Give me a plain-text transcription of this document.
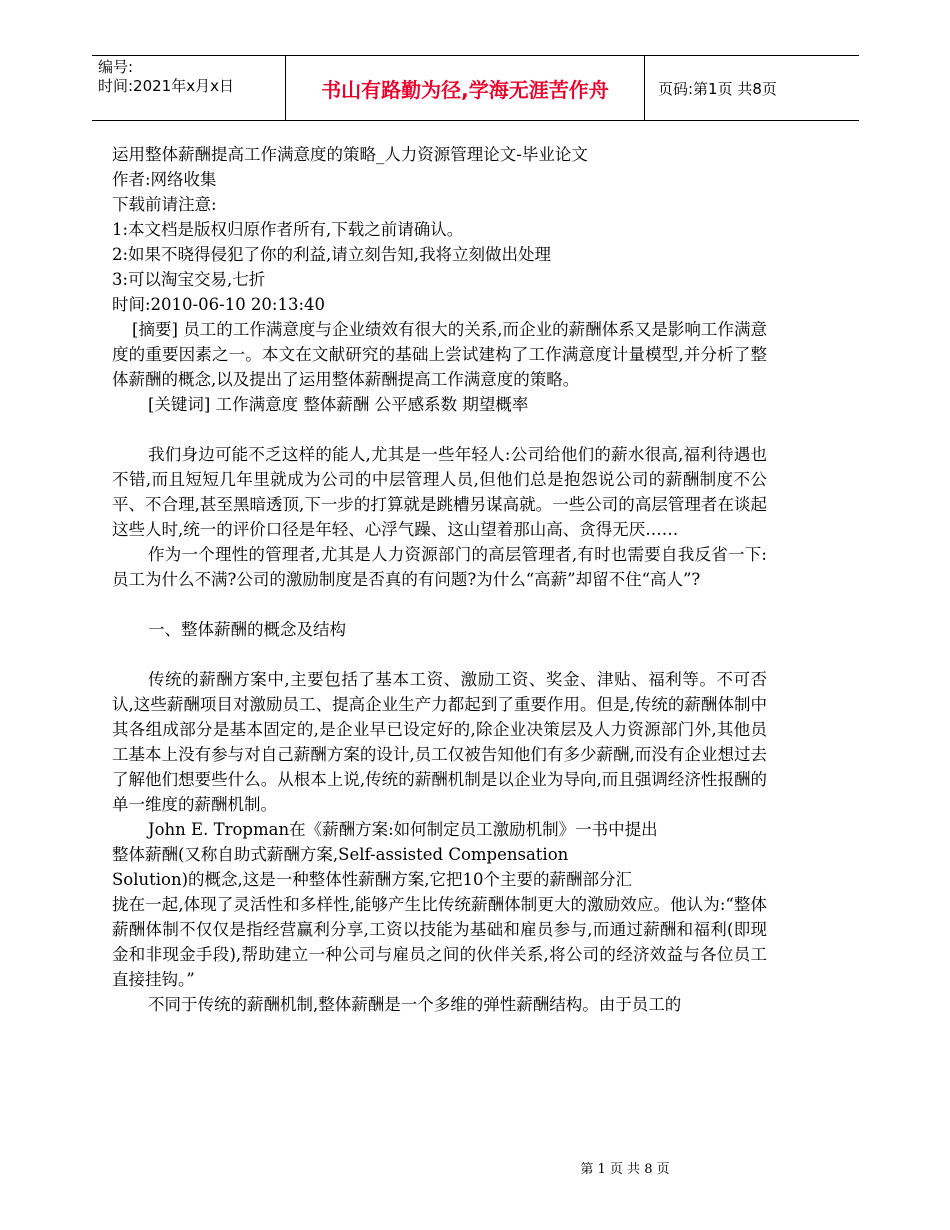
编号:
时间:2021年x月x日	书山有路勤为径,学海无涯苦作舟	页码:第1页 共8页
运用整体薪酬提高工作满意度的策略_人力资源管理论文-毕业论文
作者:网络收集
下载前请注意:
1:本文档是版权归原作者所有,下载之前请确认。
2:如果不晓得侵犯了你的利益,请立刻告知,我将立刻做出处理
3:可以淘宝交易,七折
时间:2010-06-10 20:13:40
[摘要] 员工的工作满意度与企业绩效有很大的关系,而企业的薪酬体系又是影响工作满意度的重要因素之一。本文在文献研究的基础上尝试建构了工作满意度计量模型,并分析了整体薪酬的概念,以及提出了运用整体薪酬提高工作满意度的策略。
[关键词] 工作满意度 整体薪酬 公平感系数 期望概率
我们身边可能不乏这样的能人,尤其是一些年轻人:公司给他们的薪水很高,福利待遇也不错,而且短短几年里就成为公司的中层管理人员,但他们总是抱怨说公司的薪酬制度不公平、不合理,甚至黑暗透顶,下一步的打算就是跳槽另谋高就。一些公司的高层管理者在谈起这些人时,统一的评价口径是年轻、心浮气躁、这山望着那山高、贪得无厌……
作为一个理性的管理者,尤其是人力资源部门的高层管理者,有时也需要自我反省一下:员工为什么不满?公司的激励制度是否真的有问题?为什么“高薪”却留不住“高人”?
一、整体薪酬的概念及结构
传统的薪酬方案中,主要包括了基本工资、激励工资、奖金、津贴、福利等。不可否认,这些薪酬项目对激励员工、提高企业生产力都起到了重要作用。但是,传统的薪酬体制中其各组成部分是基本固定的,是企业早已设定好的,除企业决策层及人力资源部门外,其他员工基本上没有参与对自己薪酬方案的设计,员工仅被告知他们有多少薪酬,而没有企业想过去了解他们想要些什么。从根本上说,传统的薪酬机制是以企业为导向,而且强调经济性报酬的单一维度的薪酬机制。
John E. Tropman在《薪酬方案:如何制定员工激励机制》一书中提出
整体薪酬(又称自助式薪酬方案,Self-assisted Compensation
Solution)的概念,这是一种整体性薪酬方案,它把10个主要的薪酬部分汇
拢在一起,体现了灵活性和多样性,能够产生比传统薪酬体制更大的激励效应。他认为:“整体薪酬体制不仅仅是指经营赢利分享,工资以技能为基础和雇员参与,而通过薪酬和福利(即现金和非现金手段),帮助建立一种公司与雇员之间的伙伴关系,将公司的经济效益与各位员工直接挂钩。”
不同于传统的薪酬机制,整体薪酬是一个多维的弹性薪酬结构。由于员工的
第 1 页 共 8 页
